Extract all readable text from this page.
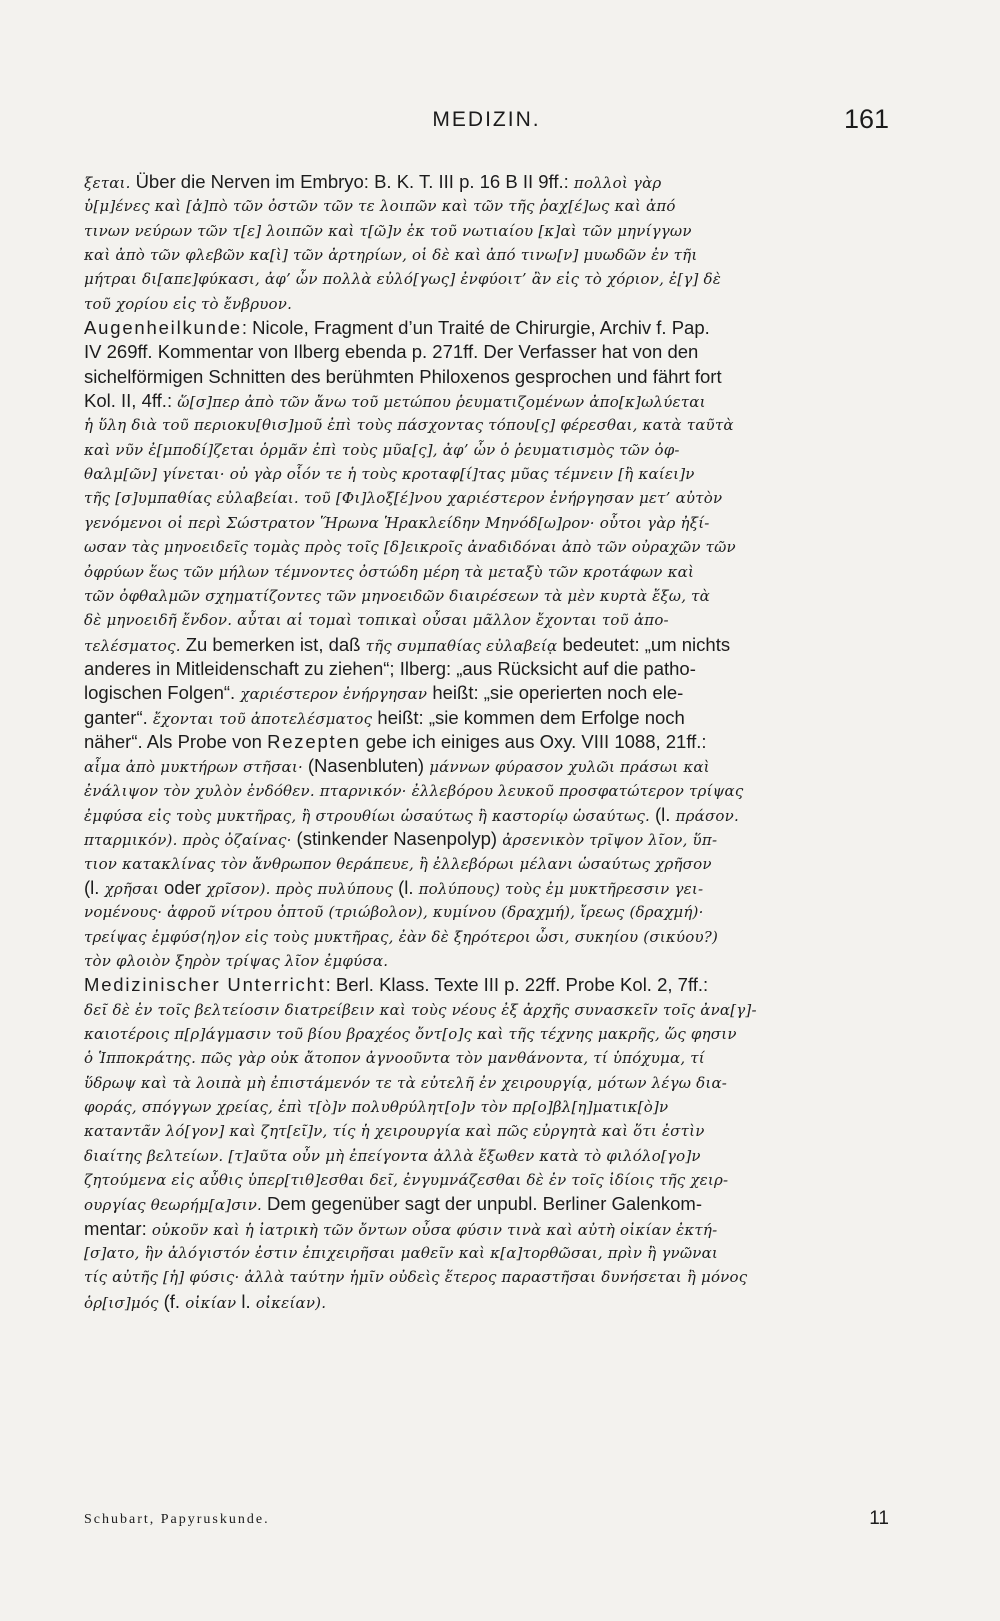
MEDIZIN.	161
ξεται. Über die Nerven im Embryo: B. K. T. III p. 16 B II 9ff.: πολλοὶ γὰρ
ὑ[μ]ένες καὶ [ἀ]πὸ τῶν ὀστῶν τῶν τε λοιπῶν καὶ τῶν τῆς ῥαχ[έ]ως καὶ ἀπό
τινων νεύρων τῶν τ[ε] λοιπῶν καὶ τ[ῶ]ν ἐκ τοῦ νωτιαίου [κ]αὶ τῶν μηνίγγων
καὶ ἀπὸ τῶν φλεβῶν κα[ὶ] τῶν ἀρτηρίων, οἱ δὲ καὶ ἀπό τινω[ν] μυωδῶν ἐν τῆι
μήτραι δι[απε]φύκασι, ἀφ’ ὧν πολλὰ εὐλό[γως] ἐνφύοιτ’ ἂν εἰς τὸ χόριον, ἐ[γ] δὲ
τοῦ χορίου εἰς τὸ ἔνβρυον.
Augenheilkunde: Nicole, Fragment d’un Traité de Chirurgie, Archiv f. Pap.
IV 269ff. Kommentar von Ilberg ebenda p. 271ff. Der Verfasser hat von den
sichelförmigen Schnitten des berühmten Philoxenos gesprochen und fährt fort
Kol. II, 4ff.: ὥ[σ]περ ἀπὸ τῶν ἄνω τοῦ μετώπου ῥευματιζομένων ἀπο[κ]ωλύεται
ἡ ὕλη διὰ τοῦ περιοκυ[θισ]μοῦ ἐπὶ τοὺς πάσχοντας τόπου[ς] φέρεσθαι, κατὰ ταῦτὰ
καὶ νῦν ἐ[μποδί]ζεται ὁρμᾶν ἐπὶ τοὺς μῦα[ς], ἀφ’ ὧν ὁ ῥευματισμὸς τῶν ὀφ-
θαλμ[ῶν] γίνεται· οὐ γὰρ οἷόν τε ἡ τοὺς κροταφ[ί]τας μῦας τέμνειν [ἢ καίει]ν
τῆς [σ]υμπαθίας εὐλαβείαι. τοῦ [Φι]λοξ[έ]νου χαριέστερον ἐνήργησαν μετ’ αὐτὸν
γενόμενοι οἱ περὶ Σώστρατον Ἥρωνα Ἡρακλείδην Μηνόδ[ω]ρον· οὗτοι γὰρ ἠξί-
ωσαν τὰς μηνοειδεῖς τομὰς πρὸς τοῖς [δ]εικροῖς ἀναδιδόναι ἀπὸ τῶν οὐραχῶν τῶν
ὀφρύων ἕως τῶν μήλων τέμνοντες ὀστώδη μέρη τὰ μεταξὺ τῶν κροτάφων καὶ
τῶν ὀφθαλμῶν σχηματίζοντες τῶν μηνοειδῶν διαιρέσεων τὰ μὲν κυρτὰ ἔξω, τὰ
δὲ μηνοειδῆ ἔνδον. αὗται αἱ τομαὶ τοπικαὶ οὖσαι μᾶλλον ἔχονται τοῦ ἀπο-
τελέσματος. Zu bemerken ist, daß τῆς συμπαθίας εὐλαβείᾳ bedeutet: „um nichts
anderes in Mitleidenschaft zu ziehen“; Ilberg: „aus Rücksicht auf die patho-
logischen Folgen“. χαριέστερον ἐνήργησαν heißt: „sie operierten noch ele-
ganter“. ἔχονται τοῦ ἀποτελέσματος heißt: „sie kommen dem Erfolge noch
näher“. Als Probe von Rezepten gebe ich einiges aus Oxy. VIII 1088, 21ff.:
αἷμα ἀπὸ μυκτήρων στῆσαι· (Nasenbluten) μάννων φύρασον χυλῶι πράσωι καὶ
ἐνάλιψον τὸν χυλὸν ἐνδόθεν. πταρνικόν· ἐλλεβόρου λευκοῦ προσφατώτερον τρίψας
ἐμφύσα εἰς τοὺς μυκτῆρας, ἢ στρουθίωι ὡσαύτως ἢ καστορίῳ ὡσαύτως. (l. πράσον.
πταρμικόν). πρὸς ὀζαίνας· (stinkender Nasenpolyp) ἀρσενικὸν τρῖψον λῖον, ὕπ-
τιον κατακλίνας τὸν ἄνθρωπον θεράπευε, ἢ ἐλλεβόρωι μέλανι ὡσαύτως χρῆσον
(l. χρῆσαι oder χρῖσον). πρὸς πυλύπους (l. πολύπους) τοὺς ἐμ μυκτῆρεσσιν γει-
νομένους· ἀφροῦ νίτρου ὀπτοῦ (τριώβολον), κυμίνου (δραχμή), ἴρεως (δραχμή)·
τρείψας ἐμφύσ⟨η⟩ον εἰς τοὺς μυκτῆρας, ἐὰν δὲ ξηρότεροι ὦσι, συκηίου (σικύου?)
τὸν φλοιὸν ξηρὸν τρίψας λῖον ἐμφύσα.
Medizinischer Unterricht: Berl. Klass. Texte III p. 22ff. Probe Kol. 2, 7ff.:
δεῖ δὲ ἐν τοῖς βελτείοσιν διατρείβειν καὶ τοὺς νέους ἐξ ἀρχῆς συνασκεῖν τοῖς ἀνα[γ]-
καιοτέροις π[ρ]άγμασιν τοῦ βίου βραχέος ὄντ[ο]ς καὶ τῆς τέχνης μακρῆς, ὥς φησιν
ὁ Ἱπποκράτης. πῶς γὰρ οὐκ ἄτοπον ἀγνοοῦντα τὸν μανθάνοντα, τί ὑπόχυμα, τί
ὕδρωψ καὶ τὰ λοιπὰ μὴ ἐπιστάμενόν τε τὰ εὐτελῆ ἐν χειρουργίᾳ, μότων λέγω δια-
φοράς, σπόγγων χρείας, ἐπὶ τ[ὸ]ν πολυθρύλητ[ο]ν τὸν πρ[ο]βλ[η]ματικ[ὸ]ν
καταντᾶν λό[γον] καὶ ζητ[εῖ]ν, τίς ἡ χειρουργία καὶ πῶς εὐργητὰ καὶ ὅτι ἐστὶν
διαίτης βελτείων. [τ]αῦτα οὖν μὴ ἐπείγοντα ἀλλὰ ἔξωθεν κατὰ τὸ φιλόλο[γο]ν
ζητούμενα εἰς αὖθις ὑπερ[τιθ]εσθαι δεῖ, ἐνγυμνάζεσθαι δὲ ἐν τοῖς ἰδίοις τῆς χειρ-
ουργίας θεωρήμ[α]σιν. Dem gegenüber sagt der unpubl. Berliner Galenkom-
mentar: οὐκοῦν καὶ ἡ ἰατρικὴ τῶν ὄντων οὖσα φύσιν τινὰ καὶ αὐτὴ οἰκίαν ἐκτή-
[σ]ατο, ἣν ἀλόγιστόν ἐστιν ἐπιχειρῆσαι μαθεῖν καὶ κ[α]τορθῶσαι, πρὶν ἢ γνῶναι
τίς αὐτῆς [ἡ] φύσις· ἀλλὰ ταύτην ἡμῖν οὐδεὶς ἕτερος παραστῆσαι δυνήσεται ἢ μόνος
ὁρ[ισ]μός (f. οἰκίαν l. οἰκείαν).
Schubart, Papyruskunde.	11
